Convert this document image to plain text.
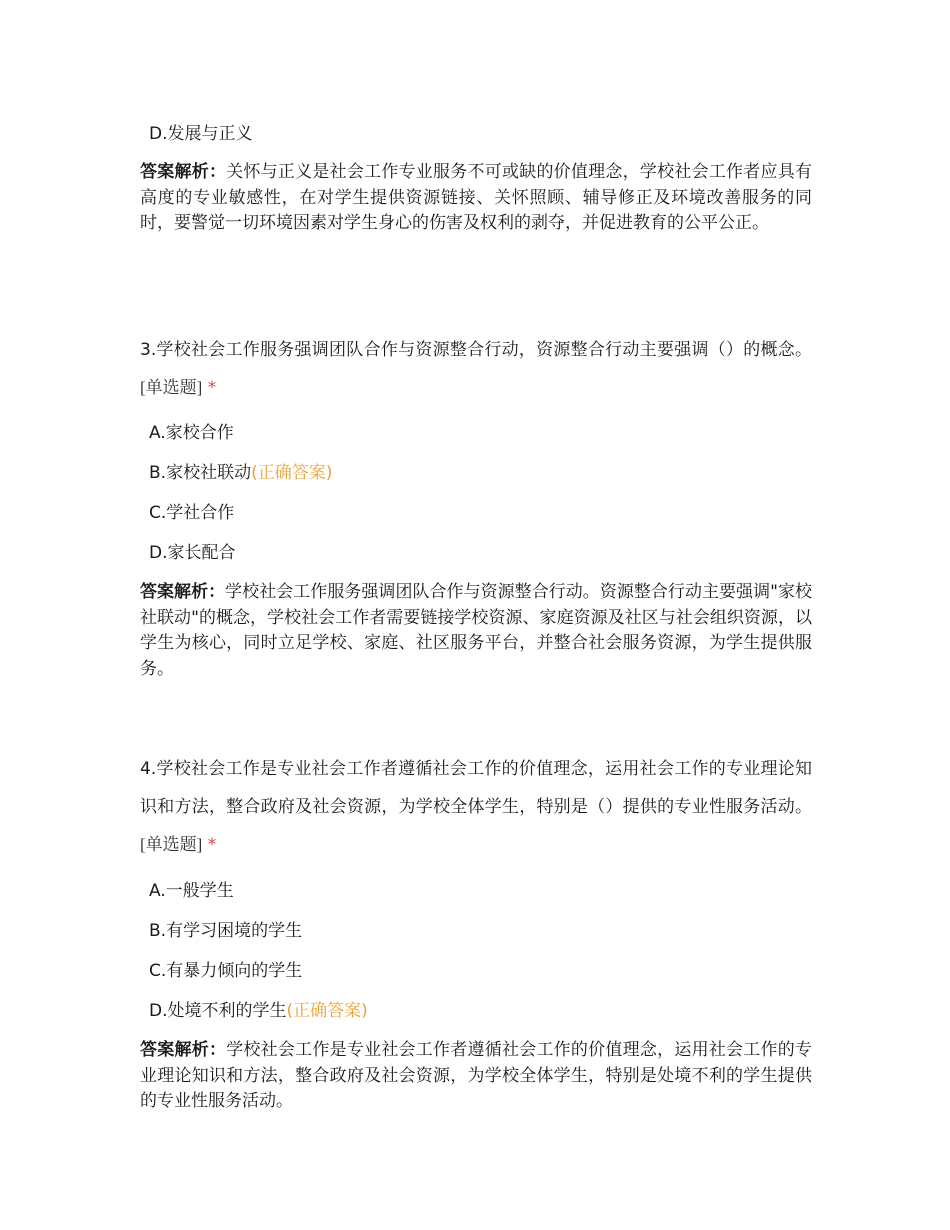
D.发展与正义
答案解析：关怀与正义是社会工作专业服务不可或缺的价值理念，学校社会工作者应具有高度的专业敏感性，在对学生提供资源链接、关怀照顾、辅导修正及环境改善服务的同时，要警觉一切环境因素对学生身心的伤害及权利的剥夺，并促进教育的公平公正。
3.学校社会工作服务强调团队合作与资源整合行动，资源整合行动主要强调（）的概念。 [单选题] *
A.家校合作
B.家校社联动(正确答案)
C.学社合作
D.家长配合
答案解析：学校社会工作服务强调团队合作与资源整合行动。资源整合行动主要强调"家校社联动"的概念，学校社会工作者需要链接学校资源、家庭资源及社区与社会组织资源，以学生为核心，同时立足学校、家庭、社区服务平台，并整合社会服务资源，为学生提供服务。
4.学校社会工作是专业社会工作者遵循社会工作的价值理念，运用社会工作的专业理论知识和方法，整合政府及社会资源，为学校全体学生，特别是（）提供的专业性服务活动。 [单选题] *
A.一般学生
B.有学习困境的学生
C.有暴力倾向的学生
D.处境不利的学生(正确答案)
答案解析：学校社会工作是专业社会工作者遵循社会工作的价值理念，运用社会工作的专业理论知识和方法，整合政府及社会资源，为学校全体学生，特别是处境不利的学生提供的专业性服务活动。
